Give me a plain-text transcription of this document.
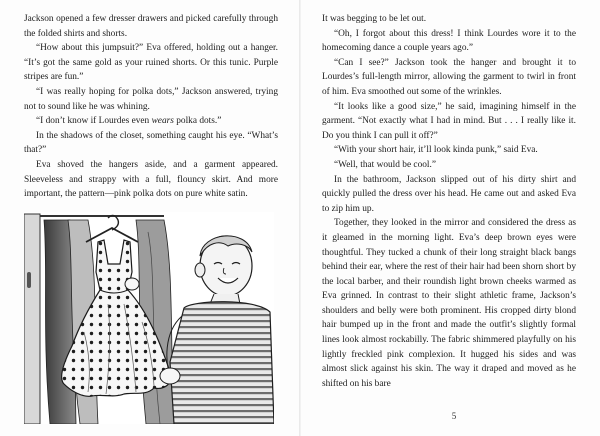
Jackson opened a few dresser drawers and picked carefully through the folded shirts and shorts.

“How about this jumpsuit?” Eva offered, holding out a hanger. “It’s got the same gold as your ruined shorts. Or this tunic. Purple stripes are fun.”

“I was really hoping for polka dots,” Jackson answered, trying not to sound like he was whining.

“I don’t know if Lourdes even wears polka dots.”

In the shadows of the closet, something caught his eye. “What’s that?”

Eva shoved the hangers aside, and a garment appeared. Sleeveless and strappy with a full, flouncy skirt. And more important, the pattern—pink polka dots on pure white satin.

It was begging to be let out.

“Oh, I forgot about this dress! I think Lourdes wore it to the homecoming dance a couple years ago.”

“Can I see?” Jackson took the hanger and brought it to Lourdes’s full-length mirror, allowing the garment to twirl in front of him. Eva smoothed out some of the wrinkles.

“It looks like a good size,” he said, imagining himself in the garment. “Not exactly what I had in mind. But . . . I really like it. Do you think I can pull it off?”

“With your short hair, it’ll look kinda punk,” said Eva.

“Well, that would be cool.”

In the bathroom, Jackson slipped out of his dirty shirt and quickly pulled the dress over his head. He came out and asked Eva to zip him up.

Together, they looked in the mirror and considered the dress as it gleamed in the morning light. Eva’s deep brown eyes were thoughtful. They tucked a chunk of their long straight black bangs behind their ear, where the rest of their hair had been shorn short by the local barber, and their roundish light brown cheeks warmed as Eva grinned. In contrast to their slight athletic frame, Jackson’s shoulders and belly were both prominent. His cropped dirty blond hair bumped up in the front and made the outfit’s slightly formal lines look almost rockabilly. The fabric shimmered playfully on his lightly freckled pink complexion. It hugged his sides and was almost slick against his skin. The way it draped and moved as he shifted on his bare

5
